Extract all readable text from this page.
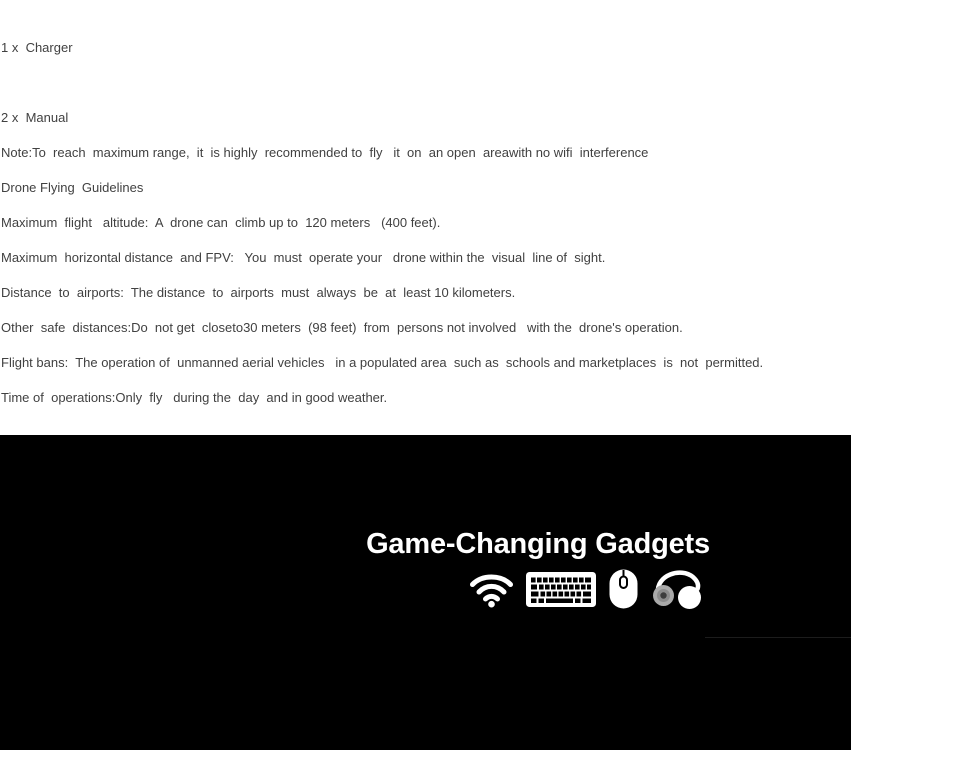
1 x  Charger

2 x  Manual

Note:To  reach  maximum range,  it  is highly  recommended to  fly   it  on  an open  areawith no wifi  interference

Drone Flying  Guidelines

Maximum  flight   altitude:  A  drone can  climb up to  120 meters   (400 feet).

Maximum  horizontal distance  and FPV:   You  must  operate your   drone within the  visual  line of  sight.

Distance  to  airports:  The distance  to  airports  must  always  be  at  least 10 kilometers.

Other  safe  distances:Do  not get  closeto30 meters  (98 feet)  from  persons not involved   with the  drone's operation.

Flight bans:  The operation of  unmanned aerial vehicles   in a populated area  such as  schools and marketplaces  is  not  permitted.

Time of  operations:Only  fly   during the  day  and in good weather.

Game-Changing Gadgets
